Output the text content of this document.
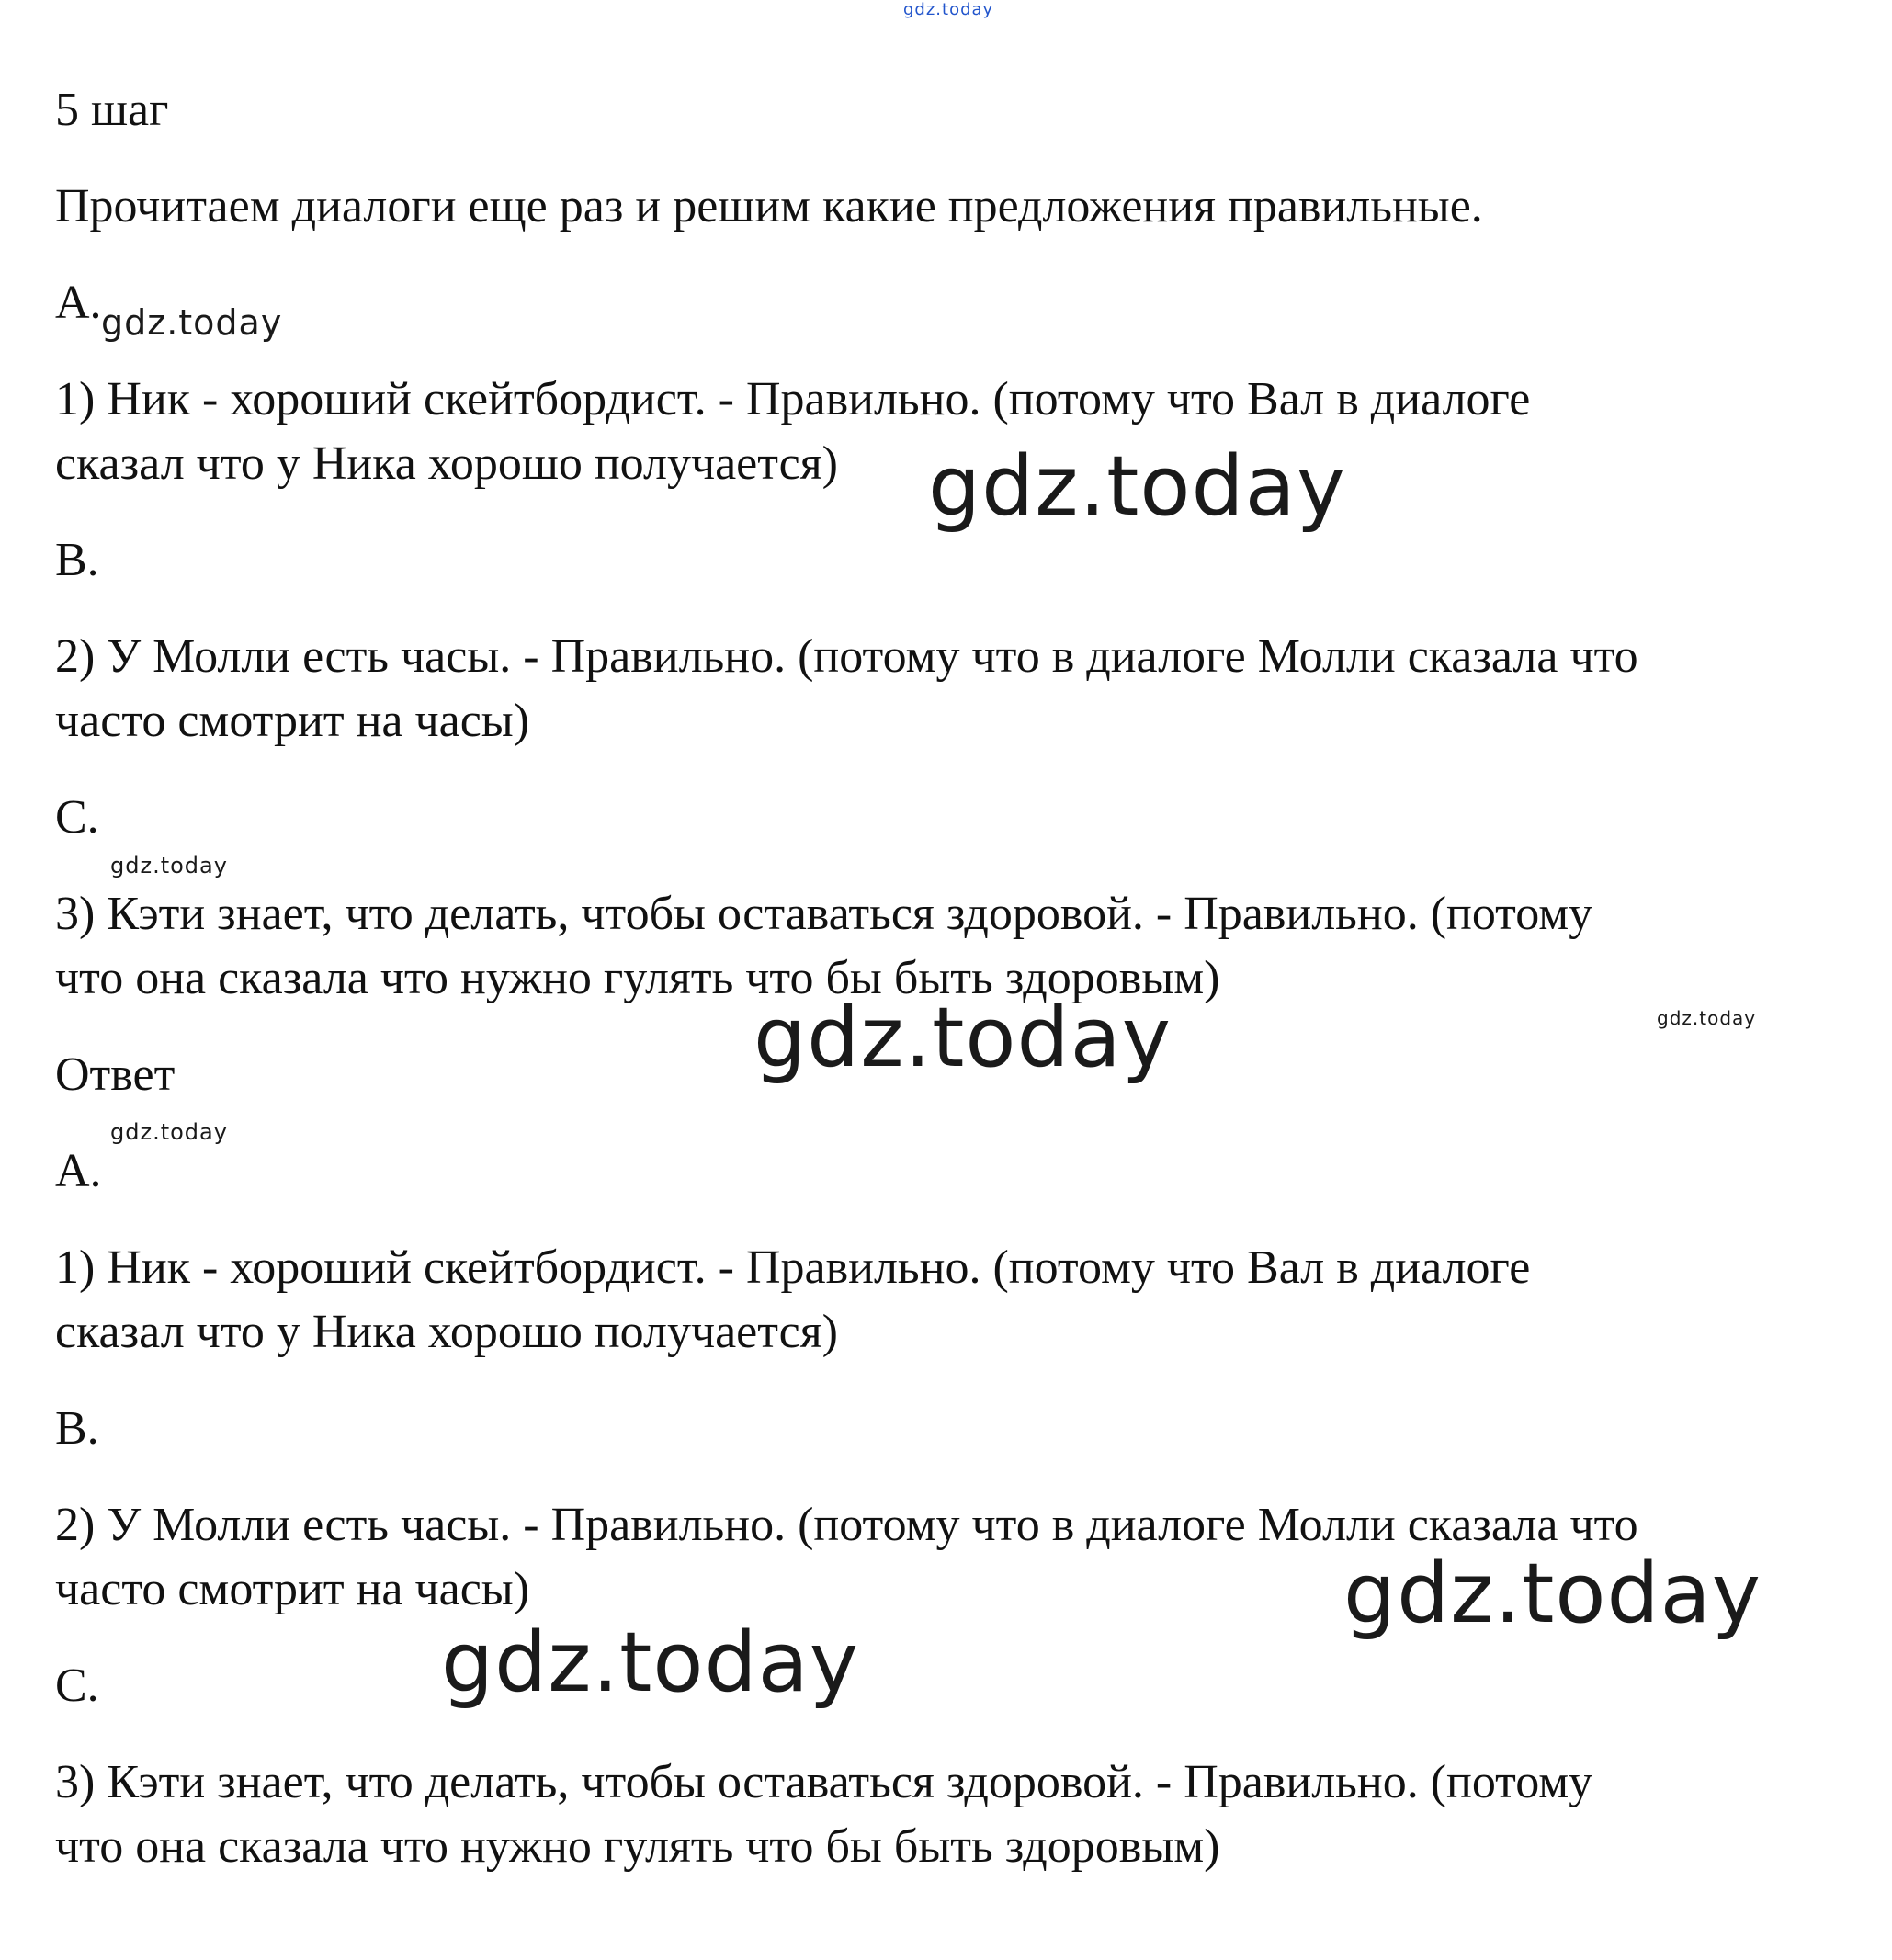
gdz.today
gdz.today
gdz.today
gdz.today
gdz.today
gdz.today
gdz.today
gdz.today
gdz.today
5 шаг

Прочитаем диалоги еще раз и решим какие предложения правильные.

A.

1) Ник - хороший скейтбордист. - Правильно. (потому что Вал в диалоге

сказал что у Ника хорошо получается)

B.

2) У Молли есть часы. - Правильно. (потому что в диалоге Молли сказала что

часто смотрит на часы)

C.

3) Кэти знает, что делать, чтобы оставаться здоровой. - Правильно. (потому

что она сказала что нужно гулять что бы быть здоровым)

Ответ

A.

1) Ник - хороший скейтбордист. - Правильно. (потому что Вал в диалоге

сказал что у Ника хорошо получается)

B.

2) У Молли есть часы. - Правильно. (потому что в диалоге Молли сказала что

часто смотрит на часы)

C.

3) Кэти знает, что делать, чтобы оставаться здоровой. - Правильно. (потому

что она сказала что нужно гулять что бы быть здоровым)
